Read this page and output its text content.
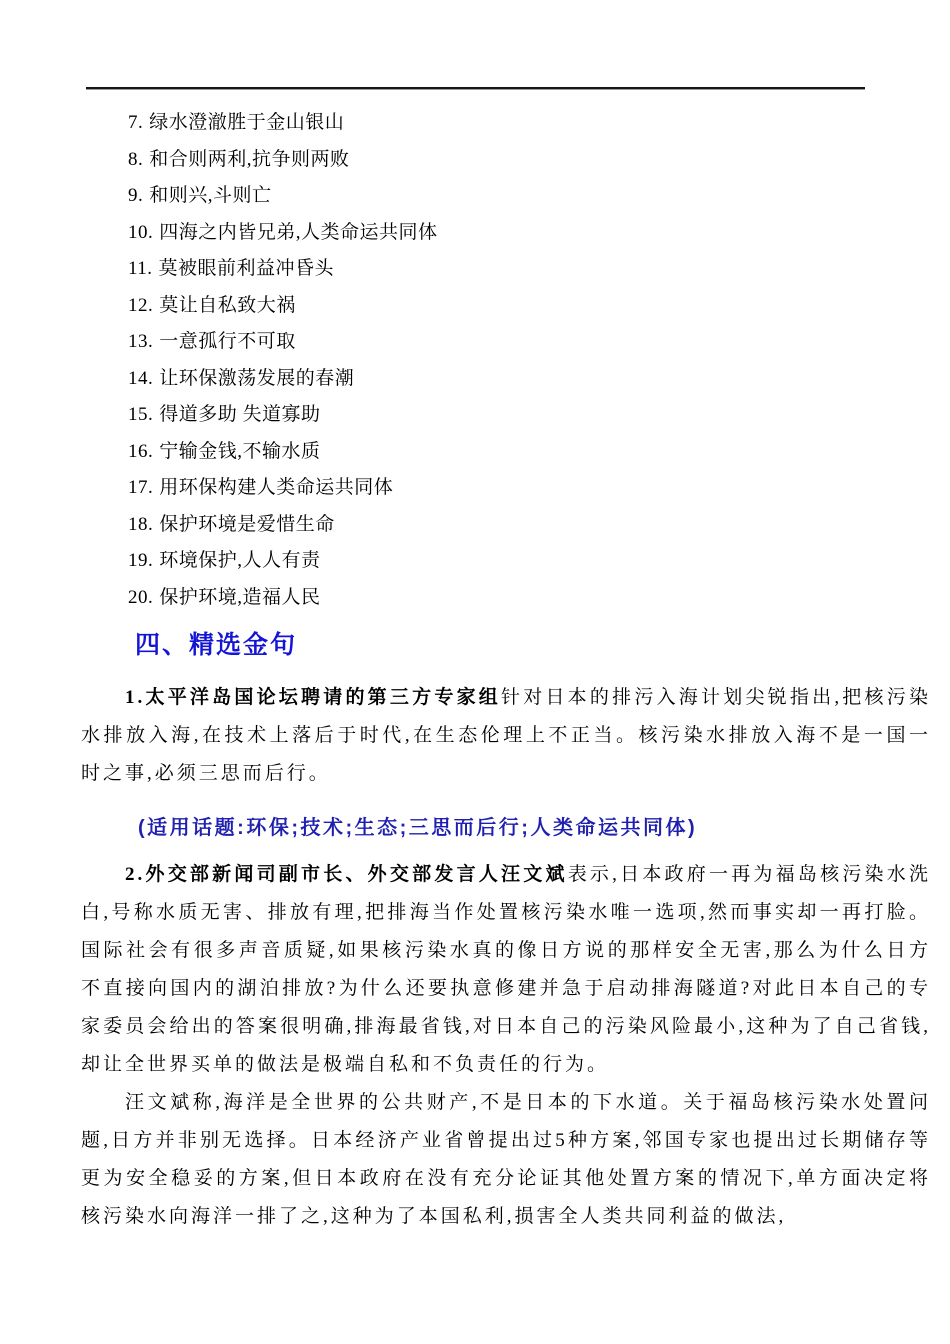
7. 绿水澄澈胜于金山银山

8. 和合则两利,抗争则两败

9. 和则兴,斗则亡

10. 四海之内皆兄弟,人类命运共同体

11. 莫被眼前利益冲昏头

12. 莫让自私致大祸

13. 一意孤行不可取

14. 让环保激荡发展的春潮

15. 得道多助 失道寡助

16. 宁输金钱,不输水质

17. 用环保构建人类命运共同体

18. 保护环境是爱惜生命

19. 环境保护,人人有责

20. 保护环境,造福人民

四、精选金句

1.太平洋岛国论坛聘请的第三方专家组针对日本的排污入海计划尖锐指出,把核污染水排放入海,在技术上落后于时代,在生态伦理上不正当。核污染水排放入海不是一国一时之事,必须三思而后行。

(适用话题:环保;技术;生态;三思而后行;人类命运共同体)

2.外交部新闻司副市长、外交部发言人汪文斌表示,日本政府一再为福岛核污染水洗白,号称水质无害、排放有理,把排海当作处置核污染水唯一选项,然而事实却一再打脸。国际社会有很多声音质疑,如果核污染水真的像日方说的那样安全无害,那么为什么日方不直接向国内的湖泊排放?为什么还要执意修建并急于启动排海隧道?对此日本自己的专家委员会给出的答案很明确,排海最省钱,对日本自己的污染风险最小,这种为了自己省钱,却让全世界买单的做法是极端自私和不负责任的行为。

汪文斌称,海洋是全世界的公共财产,不是日本的下水道。关于福岛核污染水处置问题,日方并非别无选择。日本经济产业省曾提出过5种方案,邻国专家也提出过长期储存等更为安全稳妥的方案,但日本政府在没有充分论证其他处置方案的情况下,单方面决定将核污染水向海洋一排了之,这种为了本国私利,损害全人类共同利益的做法,
